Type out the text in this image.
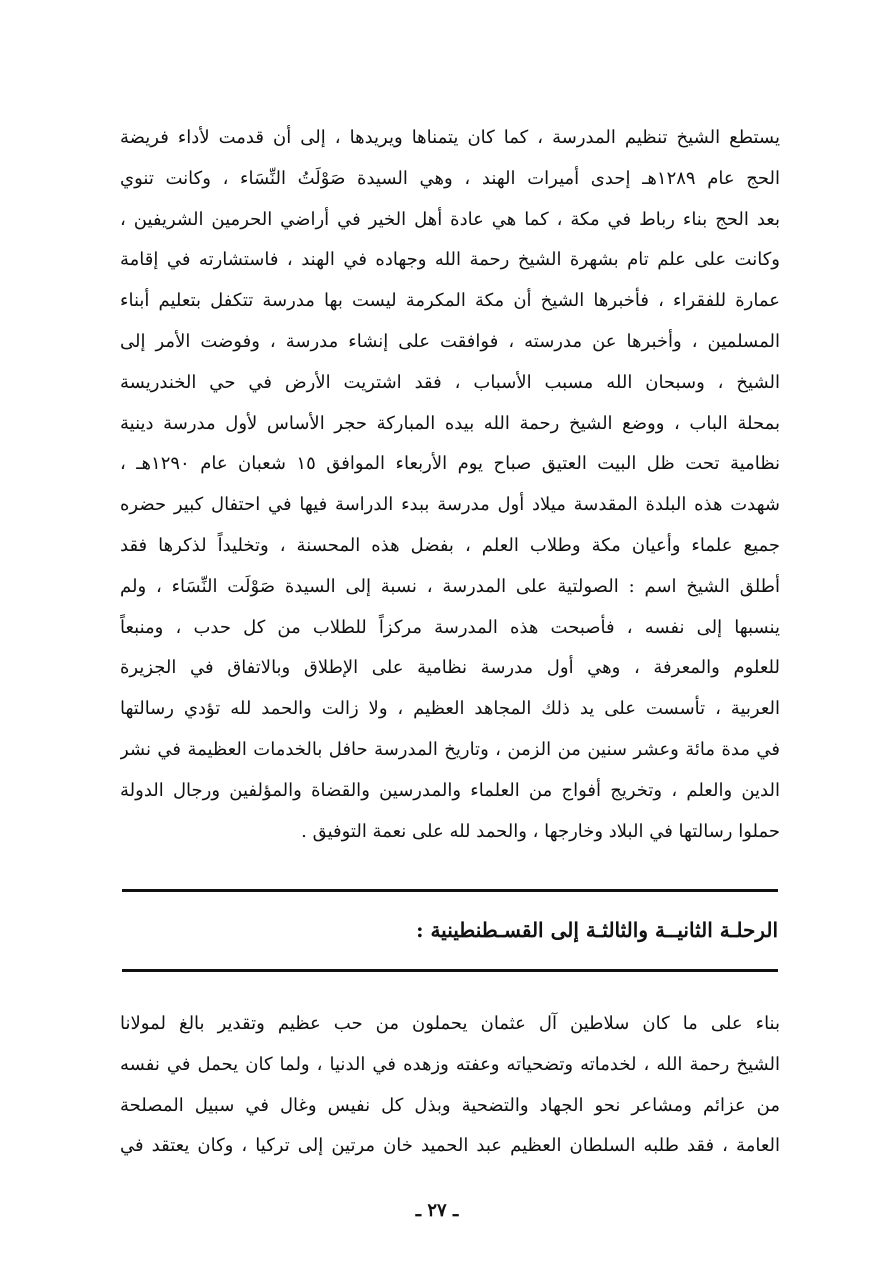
يستطع الشيخ تنظيم المدرسة ، كما كان يتمناها ويريدها ، إلى أن قدمت لأداء فريضة
الحج عام ١٢٨٩هـ إحدى أميرات الهند ، وهي السيدة صَوْلَتُ النِّسَاء ، وكانت تنوي
بعد الحج بناء رباط في مكة ، كما هي عادة أهل الخير في أراضي الحرمين الشريفين ،
وكانت على علم تام بشهرة الشيخ رحمة الله وجهاده في الهند ، فاستشارته في إقامة
عمارة للفقراء ، فأخبرها الشيخ أن مكة المكرمة ليست بها مدرسة تتكفل بتعليم أبناء
المسلمين ، وأخبرها عن مدرسته ، فوافقت على إنشاء مدرسة ، وفوضت الأمر إلى
الشيخ ، وسبحان الله مسبب الأسباب ، فقد اشتريت الأرض في حي الخندريسة
بمحلة الباب ، ووضع الشيخ رحمة الله بيده المباركة حجر الأساس لأول مدرسة دينية
نظامية تحت ظل البيت العتيق صباح يوم الأربعاء الموافق ١٥ شعبان عام ١٢٩٠هـ ،
شهدت هذه البلدة المقدسة ميلاد أول مدرسة ببدء الدراسة فيها في احتفال كبير حضره
جميع علماء وأعيان مكة وطلاب العلم ، بفضل هذه المحسنة ، وتخليداً لذكرها فقد
أطلق الشيخ اسم : الصولتية على المدرسة ، نسبة إلى السيدة صَوْلَت النِّسَاء ، ولم
ينسبها إلى نفسه ، فأصبحت هذه المدرسة مركزاً للطلاب من كل حدب ، ومنبعاً
للعلوم والمعرفة ، وهي أول مدرسة نظامية على الإطلاق وبالاتفاق في الجزيرة
العربية ، تأسست على يد ذلك المجاهد العظيم ، ولا زالت والحمد لله تؤدي رسالتها
في مدة مائة وعشر سنين من الزمن ، وتاريخ المدرسة حافل بالخدمات العظيمة في نشر
الدين والعلم ، وتخريج أفواج من العلماء والمدرسين والقضاة والمؤلفين ورجال الدولة
حملوا رسالتها في البلاد وخارجها ، والحمد لله على نعمة التوفيق .
الرحلـة الثانيــة والثالثـة إلى القسـطنطينية :
بناء على ما كان سلاطين آل عثمان يحملون من حب عظيم وتقدير بالغ لمولانا
الشيخ رحمة الله ، لخدماته وتضحياته وعفته وزهده في الدنيا ، ولما كان يحمل في نفسه
من عزائم ومشاعر نحو الجهاد والتضحية وبذل كل نفيس وغال في سبيل المصلحة
العامة ، فقد طلبه السلطان العظيم عبد الحميد خان مرتين إلى تركيا ، وكان يعتقد في
ـ ٢٧ ـ
